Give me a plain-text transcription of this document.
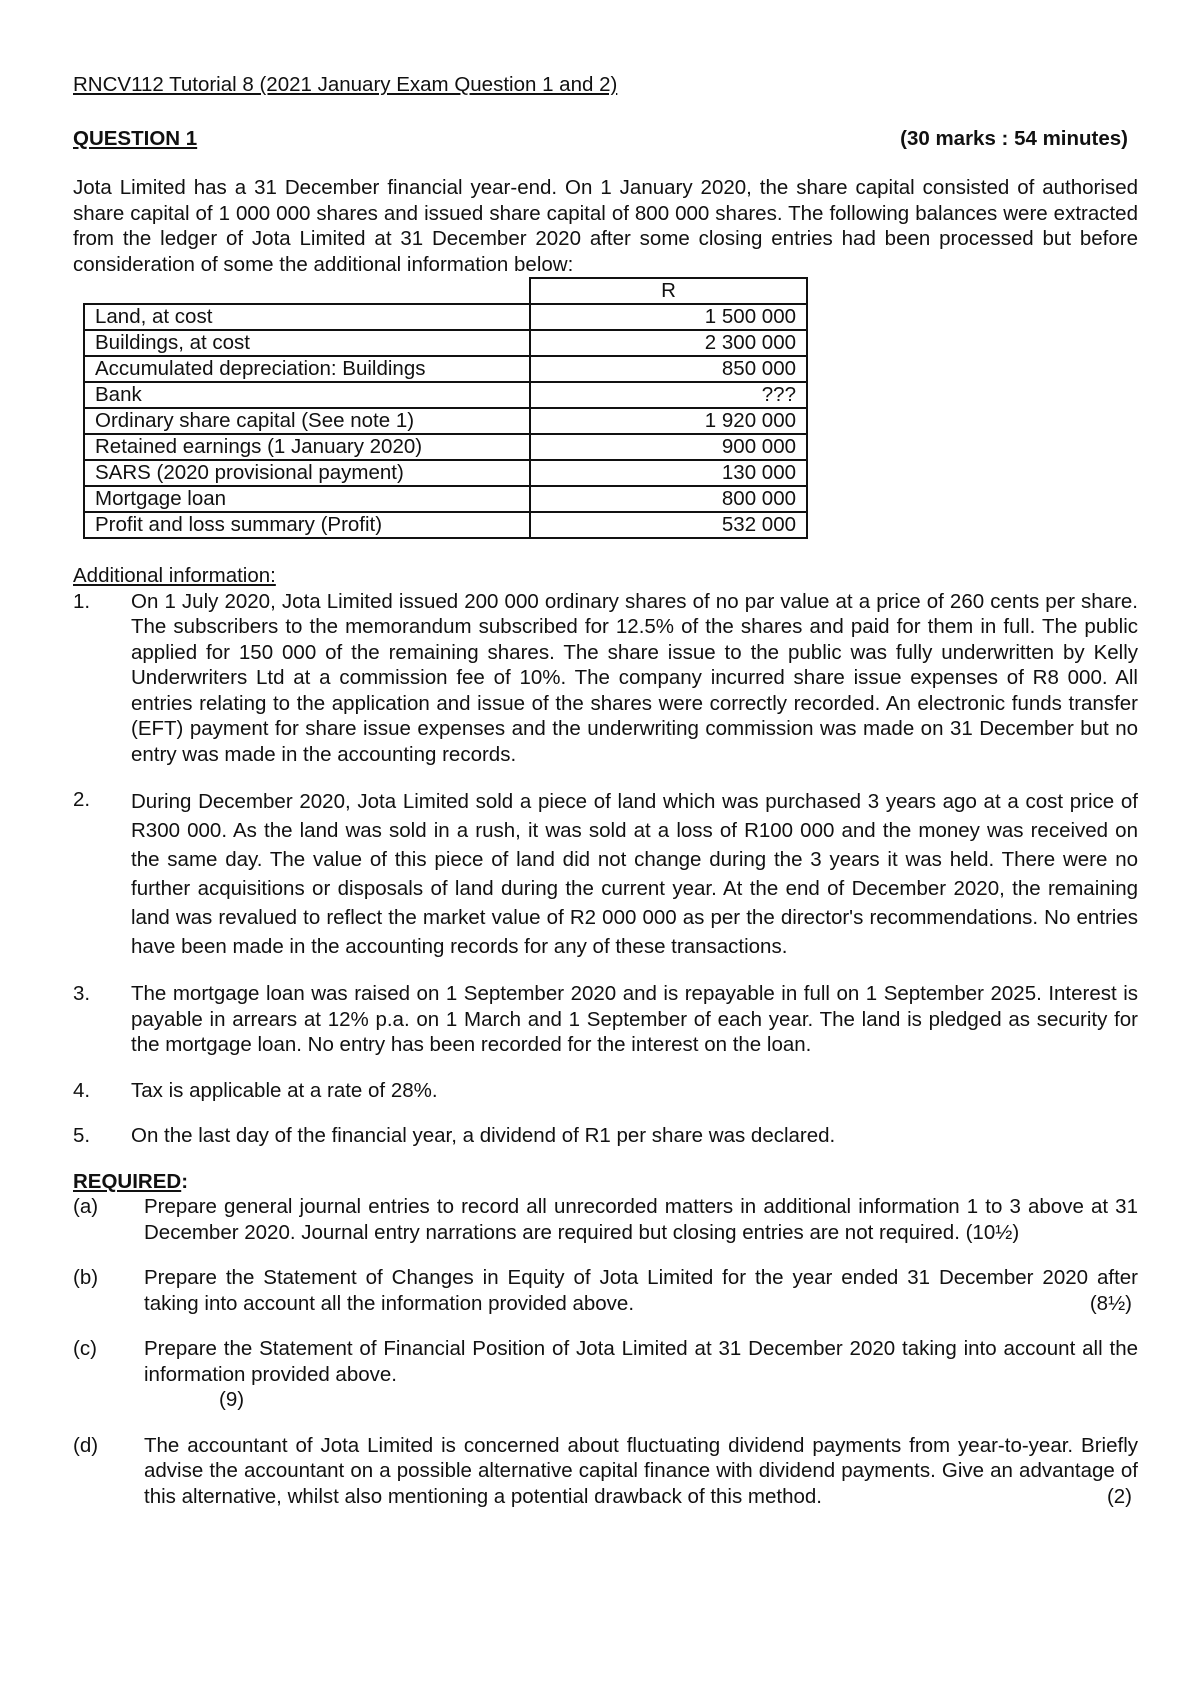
RNCV112 Tutorial 8 (2021 January Exam Question 1 and 2)

QUESTION 1	(30 marks : 54 minutes)

Jota Limited has a 31 December financial year-end. On 1 January 2020, the share capital consisted of authorised share capital of 1 000 000 shares and issued share capital of 800 000 shares. The following balances were extracted from the ledger of Jota Limited at 31 December 2020 after some closing entries had been processed but before consideration of some the additional information below:

	R
Land, at cost	1 500 000
Buildings, at cost	2 300 000
Accumulated depreciation: Buildings	850 000
Bank	???
Ordinary share capital (See note 1)	1 920 000
Retained earnings (1 January 2020)	900 000
SARS (2020 provisional payment)	130 000
Mortgage loan	800 000
Profit and loss summary (Profit)	532 000

Additional information:

1.	On 1 July 2020, Jota Limited issued 200 000 ordinary shares of no par value at a price of 260 cents per share. The subscribers to the memorandum subscribed for 12.5% of the shares and paid for them in full. The public applied for 150 000 of the remaining shares. The share issue to the public was fully underwritten by Kelly Underwriters Ltd at a commission fee of 10%. The company incurred share issue expenses of R8 000. All entries relating to the application and issue of the shares were correctly recorded. An electronic funds transfer (EFT) payment for share issue expenses and the underwriting commission was made on 31 December but no entry was made in the accounting records.
2.	During December 2020, Jota Limited sold a piece of land which was purchased 3 years ago at a cost price of R300 000. As the land was sold in a rush, it was sold at a loss of R100 000 and the money was received on the same day. The value of this piece of land did not change during the 3 years it was held. There were no further acquisitions or disposals of land during the current year. At the end of December 2020, the remaining land was revalued to reflect the market value of R2 000 000 as per the director's recommendations. No entries have been made in the accounting records for any of these transactions.
3.	The mortgage loan was raised on 1 September 2020 and is repayable in full on 1 September 2025. Interest is payable in arrears at 12% p.a. on 1 March and 1 September of each year. The land is pledged as security for the mortgage loan. No entry has been recorded for the interest on the loan.
4.	Tax is applicable at a rate of 28%.
5.	On the last day of the financial year, a dividend of R1 per share was declared.

REQUIRED:

(a)	Prepare general journal entries to record all unrecorded matters in additional information 1 to 3 above at 31 December 2020. Journal entry narrations are required but closing entries are not required. (10½)
(b)	Prepare the Statement of Changes in Equity of Jota Limited for the year ended 31 December 2020 after taking into account all the information provided above.	(8½)
(c)	Prepare the Statement of Financial Position of Jota Limited at 31 December 2020 taking into account all the information provided above.
(9)
(d)	The accountant of Jota Limited is concerned about fluctuating dividend payments from year-to-year. Briefly advise the accountant on a possible alternative capital finance with dividend payments. Give an advantage of this alternative, whilst also mentioning a potential drawback of this method.	(2)
